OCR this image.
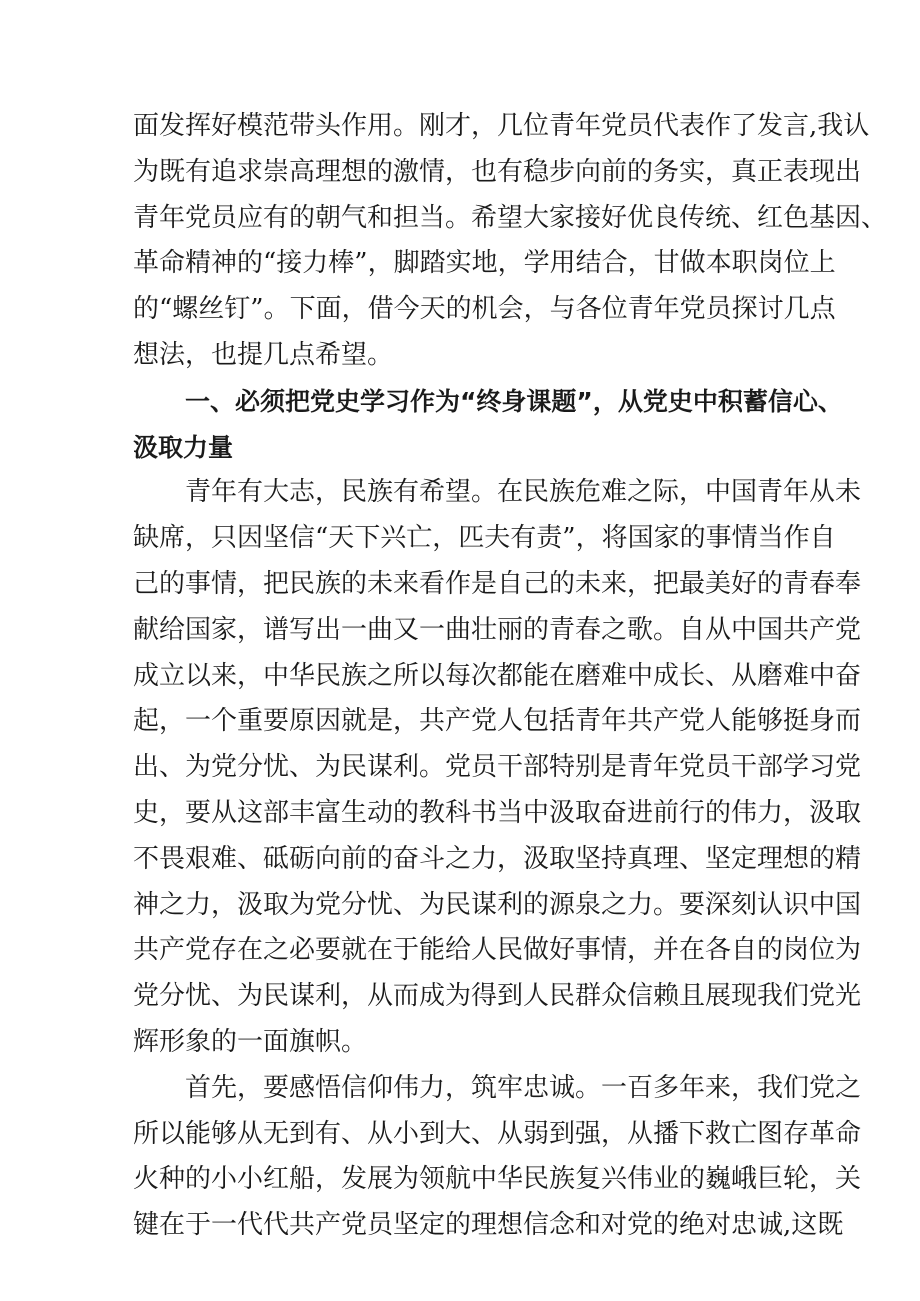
面发挥好模范带头作用。刚才，几位青年党员代表作了发言,我认
为既有追求崇高理想的激情，也有稳步向前的务实，真正表现出
青年党员应有的朝气和担当。希望大家接好优良传统、红色基因、
革命精神的“接力棒”，脚踏实地，学用结合，甘做本职岗位上
的“螺丝钉”。下面，借今天的机会，与各位青年党员探讨几点
想法，也提几点希望。
一、必须把党史学习作为“终身课题”，从党史中积蓄信心、
汲取力量
青年有大志，民族有希望。在民族危难之际，中国青年从未
缺席，只因坚信“天下兴亡，匹夫有责”，将国家的事情当作自
己的事情，把民族的未来看作是自己的未来，把最美好的青春奉
献给国家，谱写出一曲又一曲壮丽的青春之歌。自从中国共产党
成立以来，中华民族之所以每次都能在磨难中成长、从磨难中奋
起，一个重要原因就是，共产党人包括青年共产党人能够挺身而
出、为党分忧、为民谋利。党员干部特别是青年党员干部学习党
史，要从这部丰富生动的教科书当中汲取奋进前行的伟力，汲取
不畏艰难、砥砺向前的奋斗之力，汲取坚持真理、坚定理想的精
神之力，汲取为党分忧、为民谋利的源泉之力。要深刻认识中国
共产党存在之必要就在于能给人民做好事情，并在各自的岗位为
党分忧、为民谋利，从而成为得到人民群众信赖且展现我们党光
辉形象的一面旗帜。
首先，要感悟信仰伟力，筑牢忠诚。一百多年来，我们党之
所以能够从无到有、从小到大、从弱到强，从播下救亡图存革命
火种的小小红船，发展为领航中华民族复兴伟业的巍峨巨轮，关
键在于一代代共产党员坚定的理想信念和对党的绝对忠诚,这既
